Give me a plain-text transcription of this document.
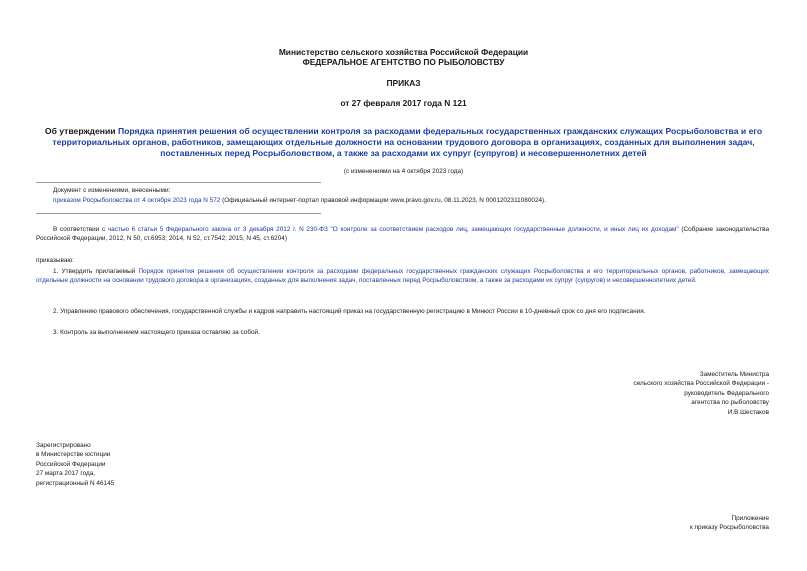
Министерство сельского хозяйства Российской Федерации
ФЕДЕРАЛЬНОЕ АГЕНТСТВО ПО РЫБОЛОВСТВУ
ПРИКАЗ
от 27 февраля 2017 года N 121
Об утверждении Порядка принятия решения об осуществлении контроля за расходами федеральных государственных гражданских служащих Росрыболовства и его территориальных органов, работников, замещающих отдельные должности на основании трудового договора в организациях, созданных для выполнения задач, поставленных перед Росрыболовством, а также за расходами их супруг (супругов) и несовершеннолетних детей
(с изменениями на 4 октября 2023 года)
Документ с изменениями, внесенными:
приказом Росрыболовства от 4 октября 2023 года N 572 (Официальный интернет-портал правовой информации www.pravo.gov.ru, 08.11.2023, N 0001202311080024).
В соответствии с частью 6 статьи 5 Федерального закона от 3 декабря 2012 г. N 230-ФЗ "О контроле за соответствием расходов лиц, замещающих государственные должности, и иных лиц их доходам" (Собрание законодательства Российской Федерации, 2012, N 50, ст.6953; 2014, N 52, ст.7542; 2015, N 45, ст.6204)
приказываю:
1. Утвердить прилагаемый Порядок принятия решения об осуществлении контроля за расходами федеральных государственных гражданских служащих Росрыболовства и его территориальных органов, работников, замещающих отдельные должности на основании трудового договора в организациях, созданных для выполнения задач, поставленных перед Росрыболовством, а также за расходами их супруг (супругов) и несовершеннолетних детей.
2. Управлению правового обеспечения, государственной службы и кадров направить настоящий приказ на государственную регистрацию в Минюст России в 10-дневный срок со дня его подписания.
3. Контроль за выполнением настоящего приказа оставляю за собой.
Заместитель Министра
сельского хозяйства Российской Федерации -
руководитель Федерального
агентства по рыболовству
И.В.Шестаков
Зарегистрировано
в Министерстве юстиции
Российской Федерации
27 марта 2017 года,
регистрационный N 46145
Приложение
к приказу Росрыболовства
